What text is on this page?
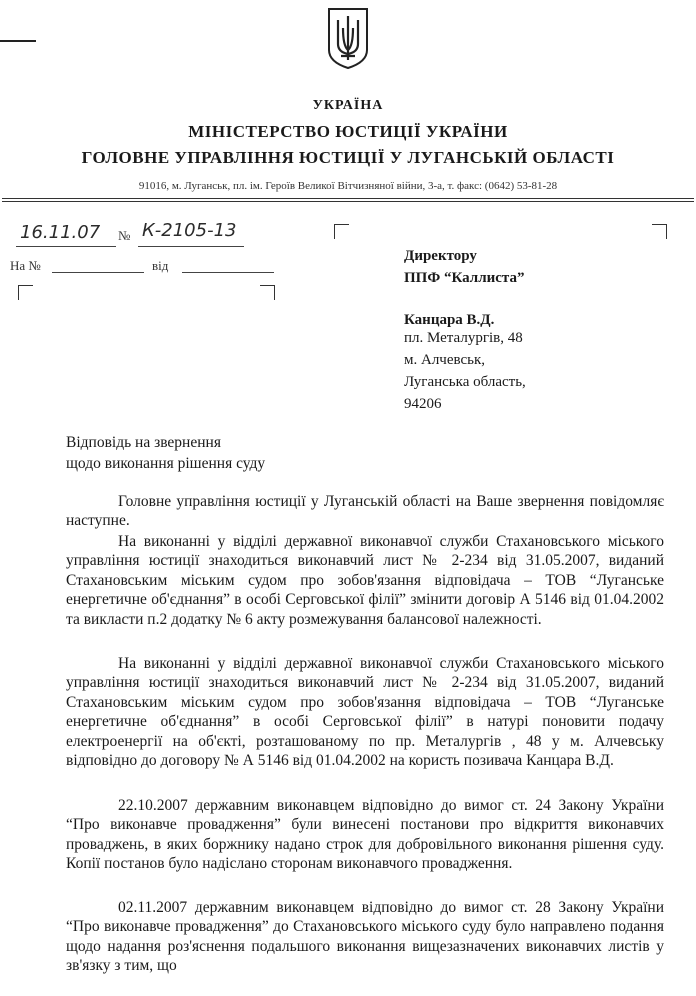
УКРАЇНА
МІНІСТЕРСТВО ЮСТИЦІЇ УКРАЇНИ
ГОЛОВНЕ УПРАВЛІННЯ ЮСТИЦІЇ У ЛУГАНСЬКІЙ ОБЛАСТІ
91016, м. Луганськ, пл. ім. Героїв Великої Вітчизняної війни, 3-а, т. факс: (0642) 53-81-28
16.11.07 № К-2105-13
На №	від
Директору
ППФ “Каллиста”
Канцара В.Д.
пл. Металургів, 48
м. Алчевськ,
Луганська область,
94206
Відповідь на звернення
щодо виконання рішення суду

Головне управління юстиції у Луганській області на Ваше звернення повідомляє наступне.

На виконанні у відділі державної виконавчої служби Стахановського міського управління юстиції знаходиться виконавчий лист № 2-234 від 31.05.2007, виданий Стахановським міським судом про зобов'язання відповідача – ТОВ “Луганське енергетичне об'єднання” в особі Серговської філії” змінити договір А 5146 від 01.04.2002 та викласти п.2 додатку № 6 акту розмежування балансової належності.

На виконанні у відділі державної виконавчої служби Стахановського міського управління юстиції знаходиться виконавчий лист № 2-234 від 31.05.2007, виданий Стахановським міським судом про зобов'язання відповідача – ТОВ “Луганське енергетичне об'єднання” в особі Серговської філії” в натурі поновити подачу електроенергії на об'єкті, розташованому по пр. Металургів , 48 у м. Алчевську відповідно до договору № А 5146 від 01.04.2002 на користь позивача Канцара В.Д.

22.10.2007 державним виконавцем відповідно до вимог ст. 24 Закону України “Про виконавче провадження” були винесені постанови про відкриття виконавчих проваджень, в яких боржнику надано строк для добровільного виконання рішення суду. Копії постанов було надіслано сторонам виконавчого провадження.

02.11.2007 державним виконавцем відповідно до вимог ст. 28 Закону України “Про виконавче провадження” до Стахановського міського суду було направлено подання щодо надання роз'яснення подальшого виконання вищезазначених виконавчих листів у зв'язку з тим, що
